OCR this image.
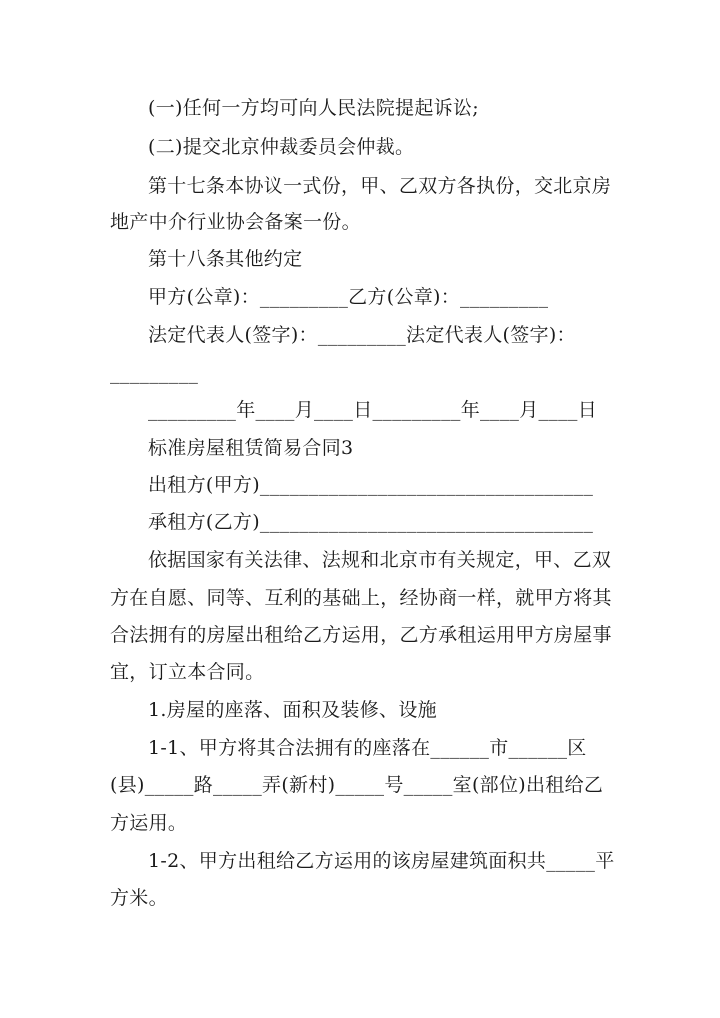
(一)任何一方均可向人民法院提起诉讼;
(二)提交北京仲裁委员会仲裁。
第十七条本协议一式份，甲、乙双方各执份，交北京房
地产中介行业协会备案一份。
第十八条其他约定
甲方(公章)：_________乙方(公章)：_________
法定代表人(签字)：_________法定代表人(签字)：
_________
_________年____月____日_________年____月____日
标准房屋租赁简易合同3
出租方(甲方)__________________________________
承租方(乙方)__________________________________
依据国家有关法律、法规和北京市有关规定，甲、乙双
方在自愿、同等、互利的基础上，经协商一样，就甲方将其
合法拥有的房屋出租给乙方运用，乙方承租运用甲方房屋事
宜，订立本合同。
1.房屋的座落、面积及装修、设施
1-1、甲方将其合法拥有的座落在______市______区
(县)_____路_____弄(新村)_____号_____室(部位)出租给乙
方运用。
1-2、甲方出租给乙方运用的该房屋建筑面积共_____平
方米。
